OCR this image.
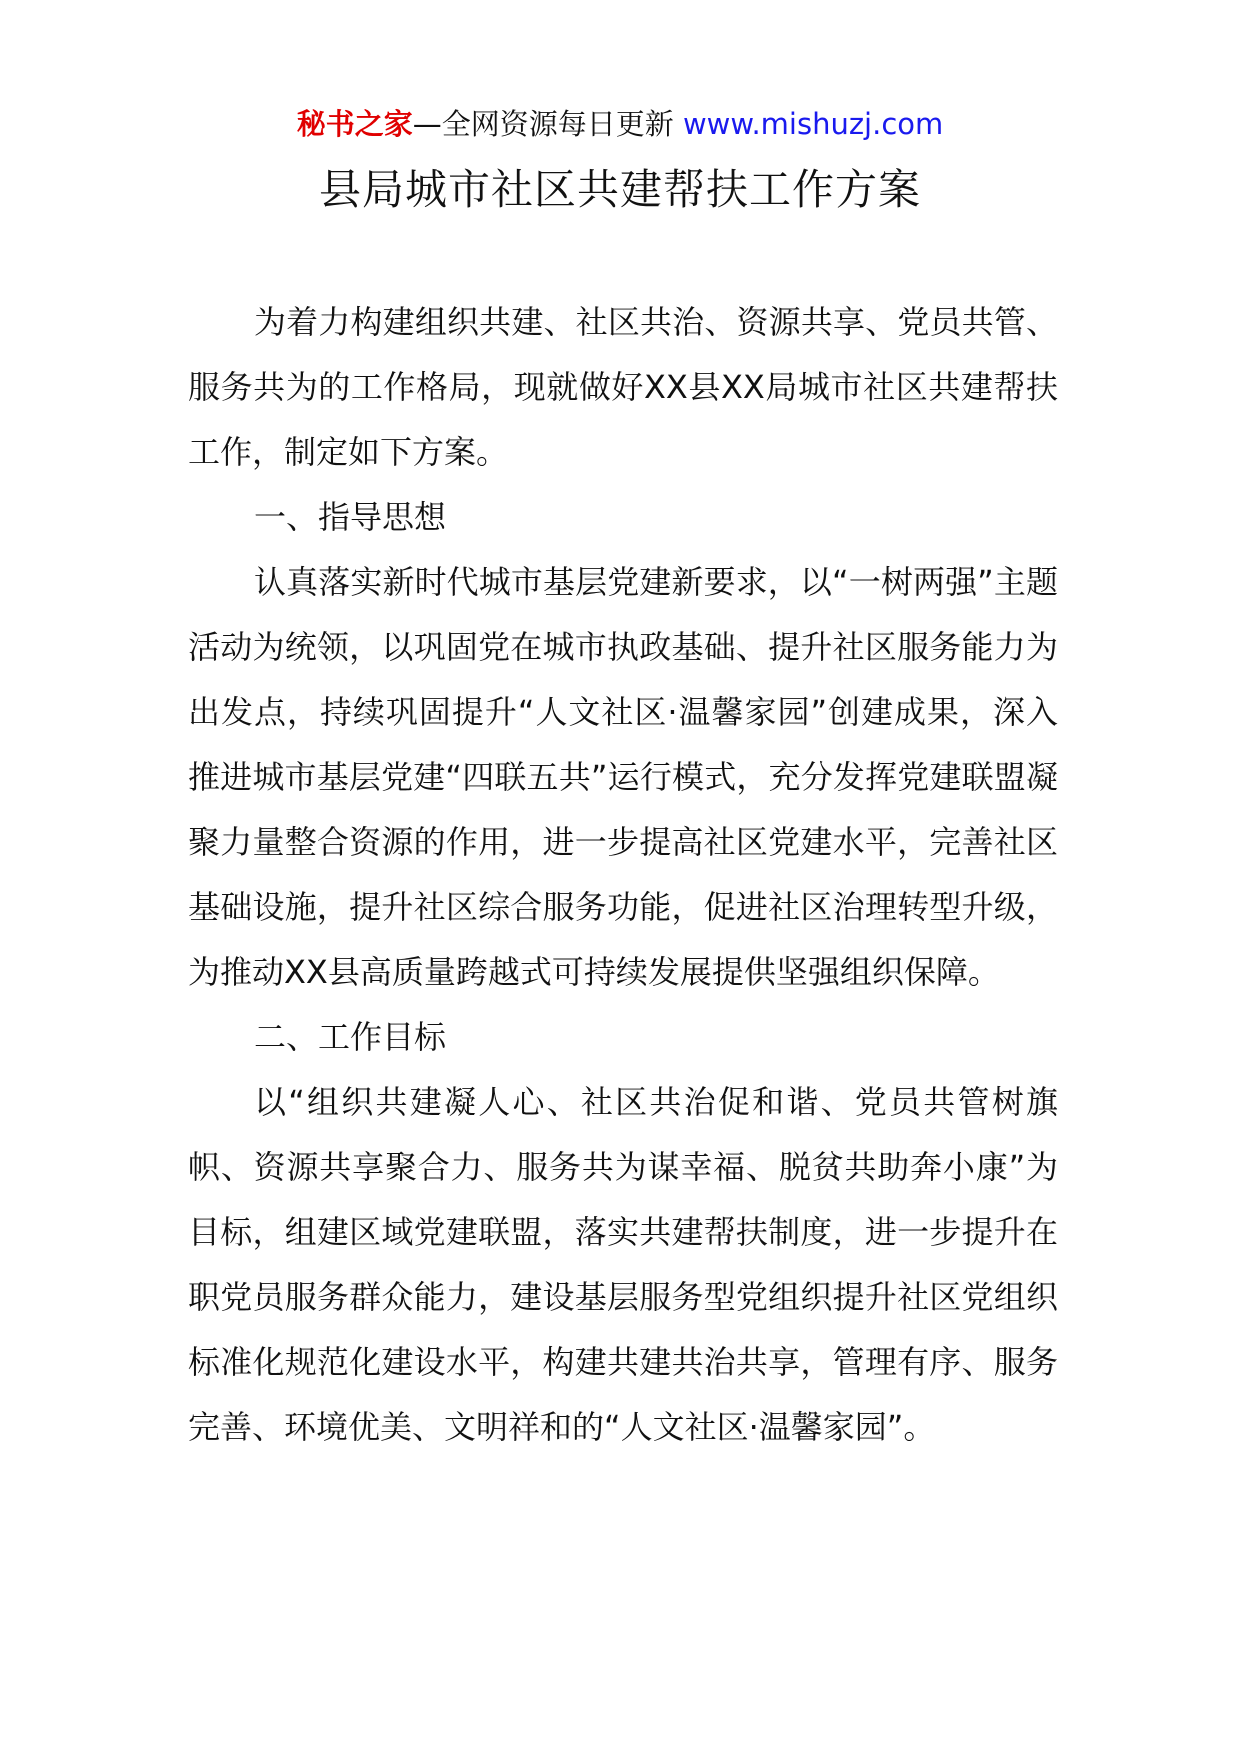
秘书之家—全网资源每日更新 www.mishuzj.com
县局城市社区共建帮扶工作方案

为着力构建组织共建、社区共治、资源共享、党员共管、服务共为的工作格局，现就做好XX县XX局城市社区共建帮扶工作，制定如下方案。

一、指导思想

认真落实新时代城市基层党建新要求，以“一树两强”主题活动为统领，以巩固党在城市执政基础、提升社区服务能力为出发点，持续巩固提升“人文社区·温馨家园”创建成果，深入推进城市基层党建“四联五共”运行模式，充分发挥党建联盟凝聚力量整合资源的作用，进一步提高社区党建水平，完善社区基础设施，提升社区综合服务功能，促进社区治理转型升级，为推动XX县高质量跨越式可持续发展提供坚强组织保障。

二、工作目标

以“组织共建凝人心、社区共治促和谐、党员共管树旗帜、资源共享聚合力、服务共为谋幸福、脱贫共助奔小康”为目标，组建区域党建联盟，落实共建帮扶制度，进一步提升在职党员服务群众能力，建设基层服务型党组织提升社区党组织标准化规范化建设水平，构建共建共治共享，管理有序、服务完善、环境优美、文明祥和的“人文社区·温馨家园”。
